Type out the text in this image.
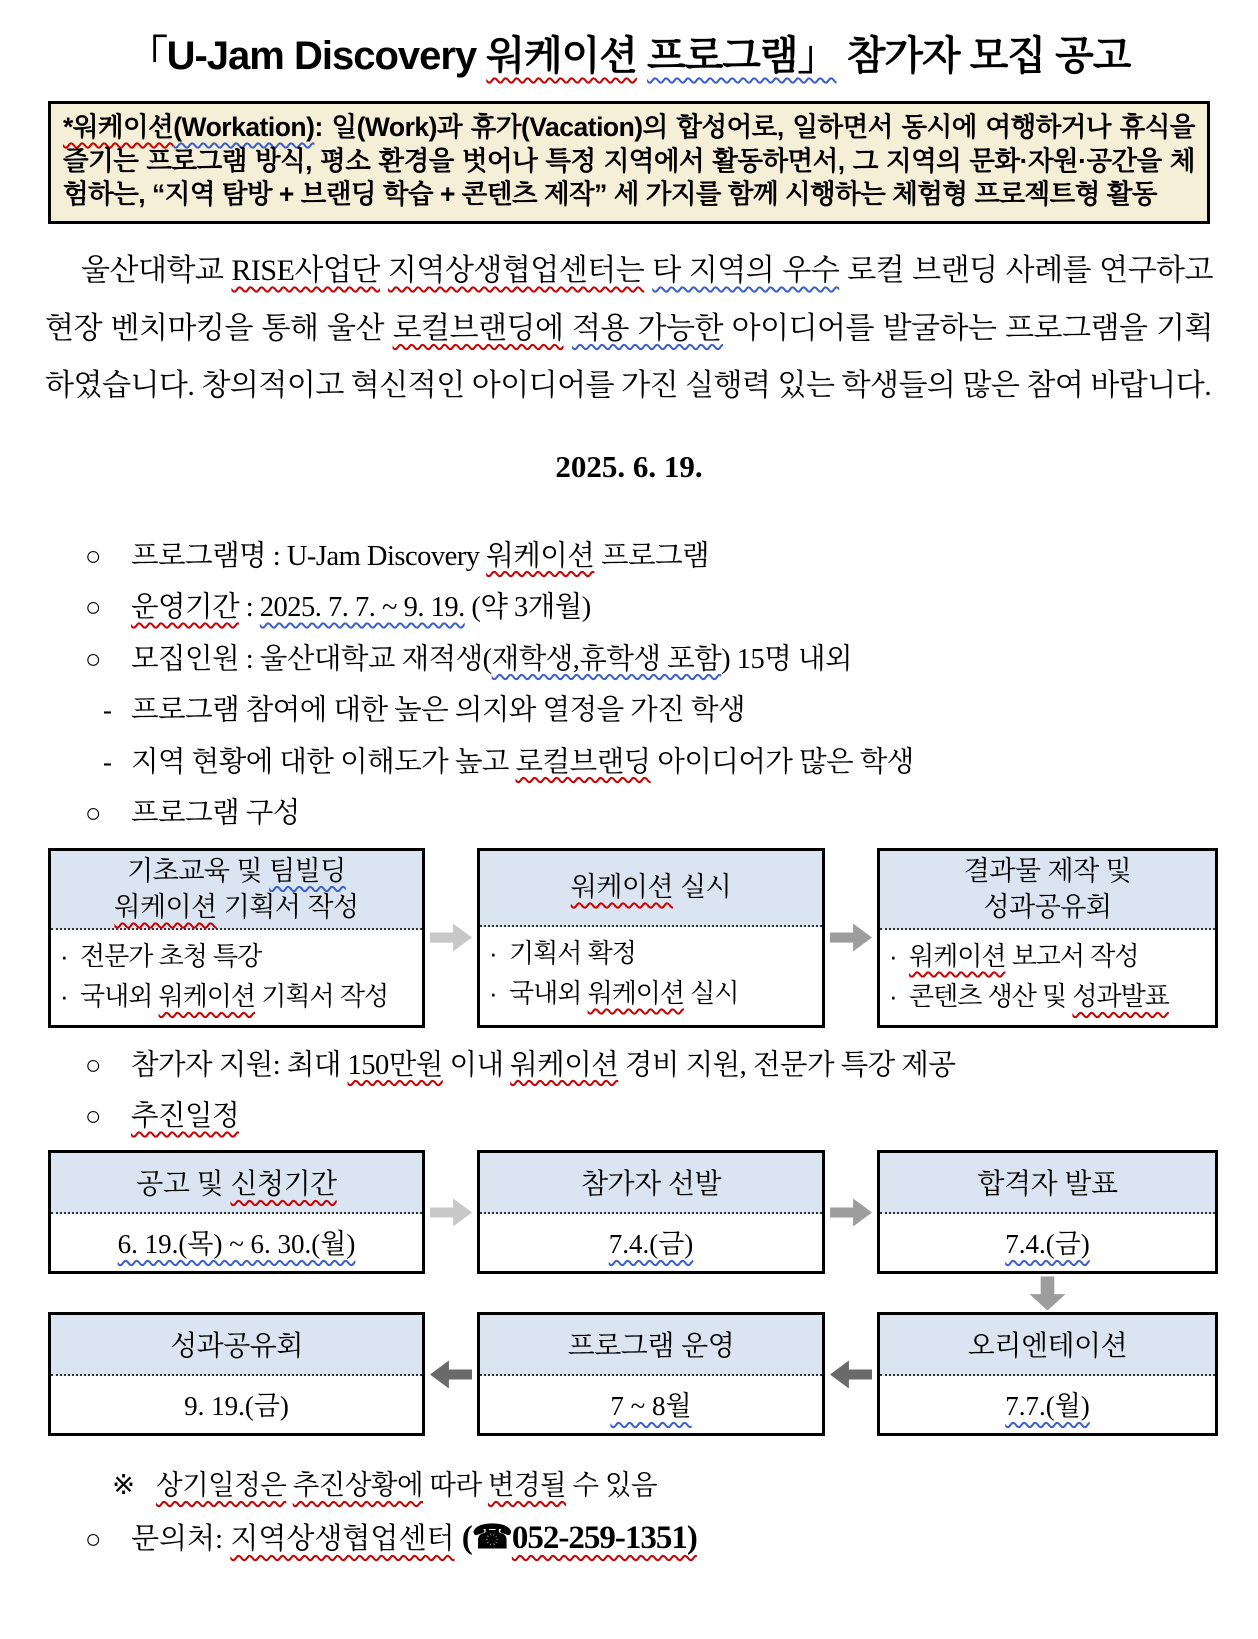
「U-Jam Discovery 워케이션 프로그램」 참가자 모집 공고

*워케이션(Workation): 일(Work)과 휴가(Vacation)의 합성어로, 일하면서 동시에 여행하거나 휴식을 즐기는 프로그램 방식, 평소 환경을 벗어나 특정 지역에서 활동하면서, 그 지역의 문화·자원·공간을 체험하는, “지역 탐방 + 브랜딩 학습 + 콘텐츠 제작” 세 가지를 함께 시행하는 체험형 프로젝트형 활동

울산대학교 RISE사업단 지역상생협업센터는 타 지역의 우수 로컬 브랜딩 사례를 연구하고 현장 벤치마킹을 통해 울산 로컬브랜딩에 적용 가능한 아이디어를 발굴하는 프로그램을 기획하였습니다. 창의적이고 혁신적인 아이디어를 가진 실행력 있는 학생들의 많은 참여 바랍니다.

2025. 6. 19.

○	프로그램명 : U-Jam Discovery 워케이션 프로그램
○	운영기간 : 2025. 7. 7. ~ 9. 19. (약 3개월)
○	모집인원 : 울산대학교 재적생(재학생,휴학생 포함) 15명 내외
- 프로그램 참여에 대한 높은 의지와 열정을 가진 학생
- 지역 현황에 대한 이해도가 높고 로컬브랜딩 아이디어가 많은 학생
○	프로그램 구성
기초교육 및 팀빌딩
워케이션 기획서 작성
· 전문가 초청 특강
· 국내외 워케이션 기획서 작성
워케이션 실시
· 기획서 확정
· 국내외 워케이션 실시
결과물 제작 및
성과공유회
· 워케이션 보고서 작성
· 콘텐츠 생산 및 성과발표
○	참가자 지원: 최대 150만원 이내 워케이션 경비 지원, 전문가 특강 제공
○	추진일정
공고 및 신청기간
6. 19.(목) ~ 6. 30.(월)
참가자 선발
7.4.(금)
합격자 발표
7.4.(금)
성과공유회
9. 19.(금)
프로그램 운영
7 ~ 8월
오리엔테이션
7.7.(월)
※ 상기일정은 추진상황에 따라 변경될 수 있음
○	문의처: 지역상생협업센터 (☎052-259-1351)
